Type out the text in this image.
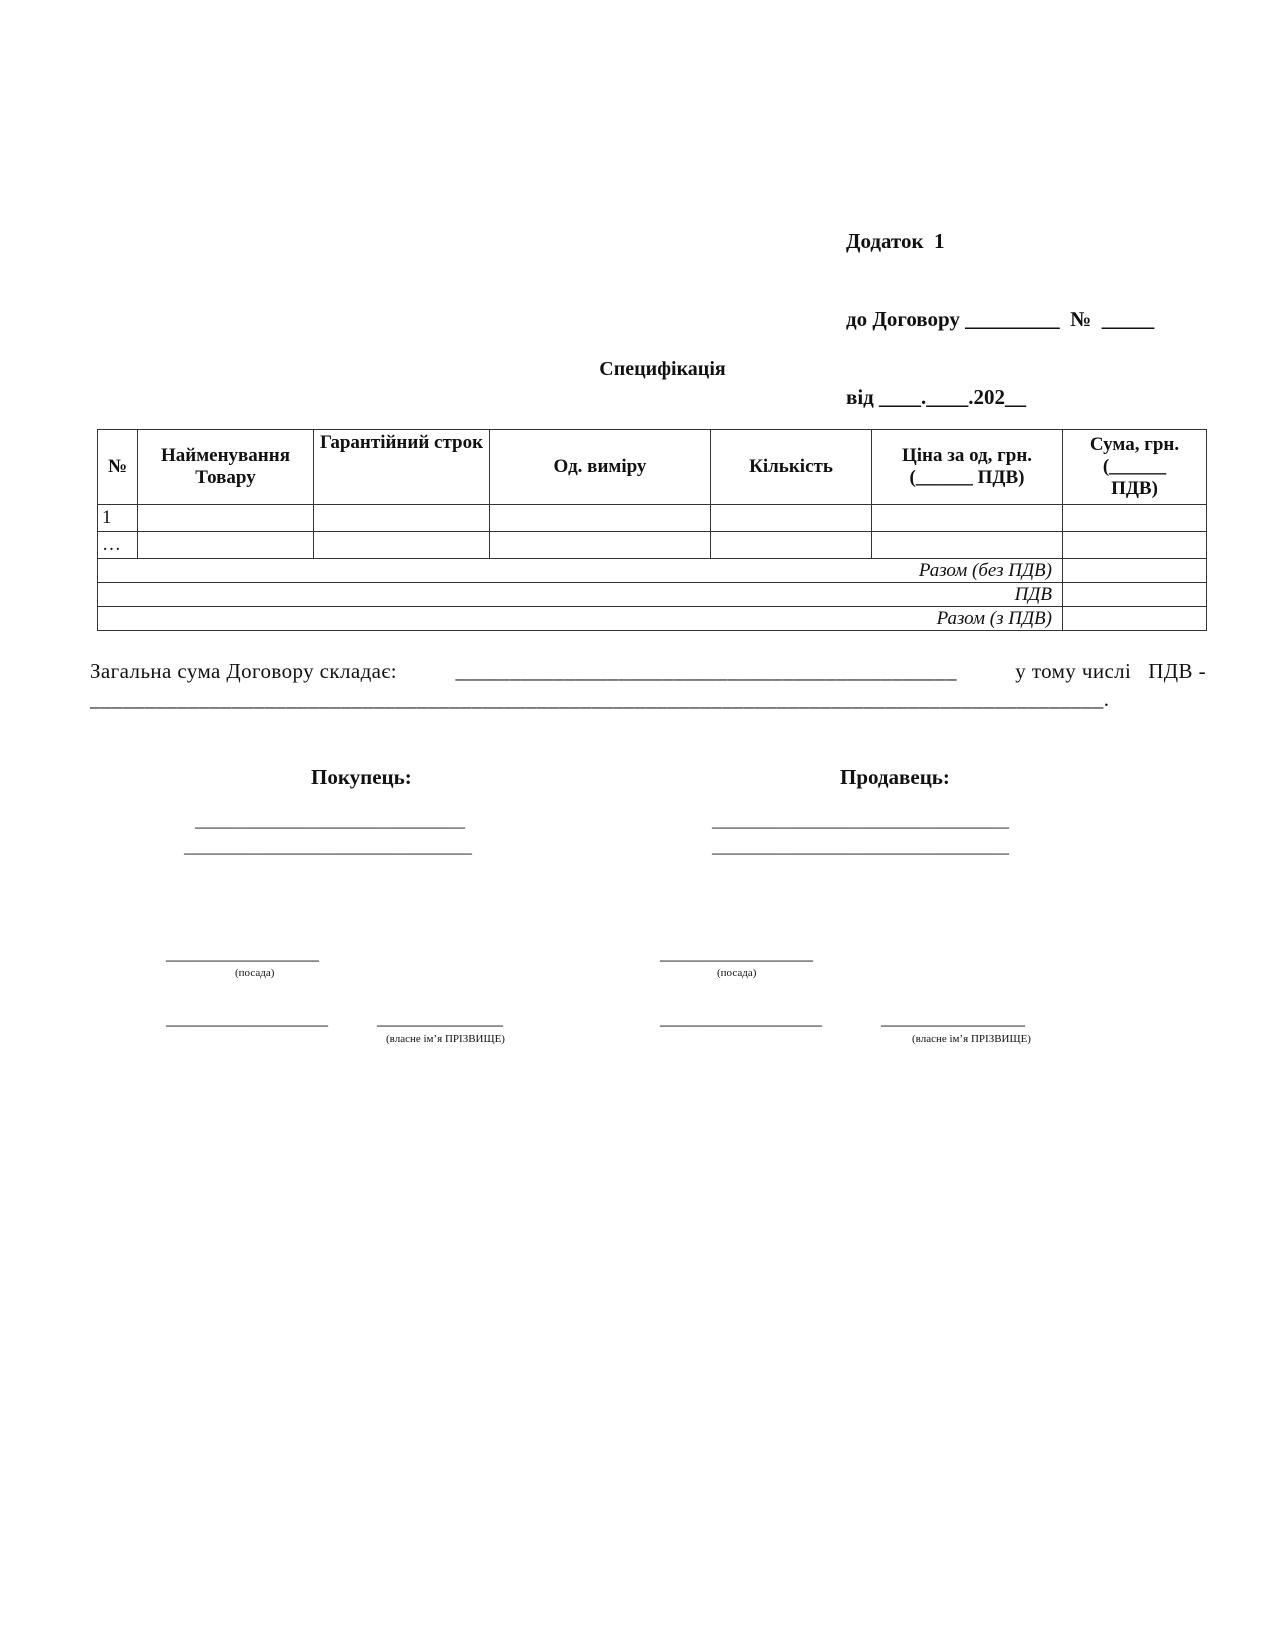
Додаток  1

до Договору _________  №  _____

від ____.____.202__

Специфікація
№	Найменування Товару	Гарантійний строк	Од. виміру	Кількість	Ціна за од, грн. (______ ПДВ)	Сума, грн. (______ ПДВ)
1						
…						
Разом (без ПДВ)						
ПДВ						
Разом (з ПДВ)						
Загальна сума Договору складає:	______________________________________________	у тому числі   ПДВ -
_____________________________________________________________________________________________.
Покупець:
______________________________
________________________________
_________________
(посада)
__________________	______________
(власне ім’я ПРІЗВИЩЕ)
Продавець:
_________________________________
_________________________________
_________________
(посада)
__________________	________________
(власне ім’я ПРІЗВИЩЕ)
